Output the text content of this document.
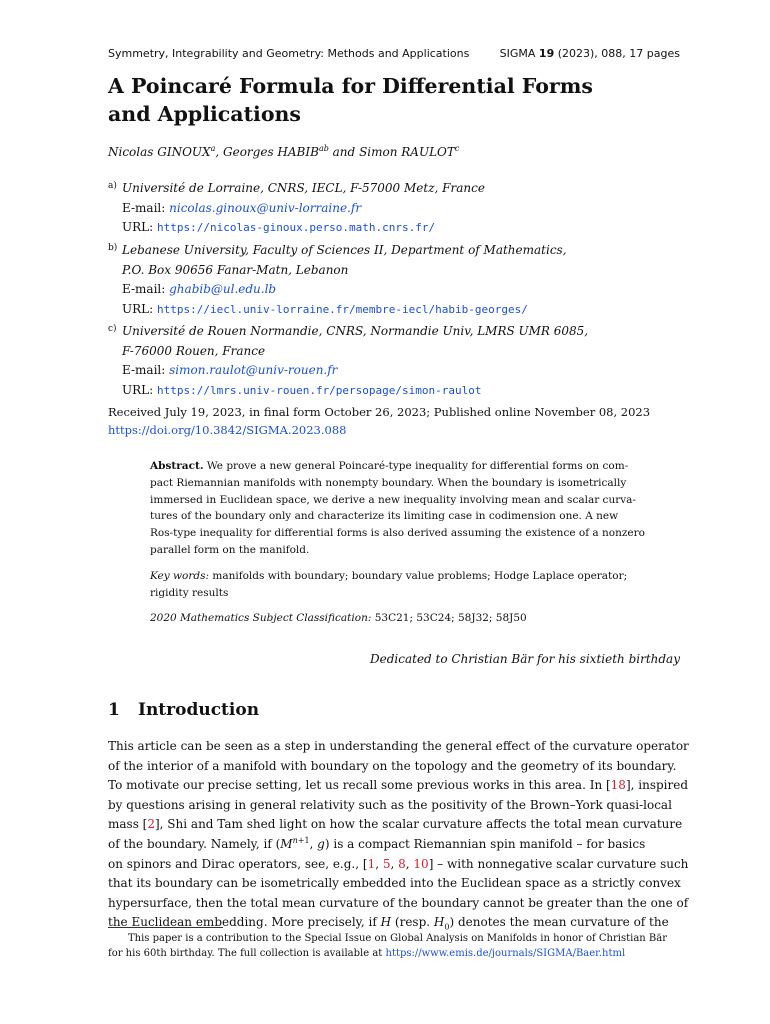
Symmetry, Integrability and Geometry: Methods and Applications	SIGMA 19 (2023), 088, 17 pages
A Poincaré Formula for Differential Forms
and Applications
Nicolas GINOUX$^a$, Georges $HABIB^{ab}$ and Simon RAULOT$^c$
a) Université de Lorraine, CNRS, IECL, F-57000 Metz, France
E-mail: nicolas.ginoux@univ-lorraine.fr
URL: https://nicolas-ginoux.perso.math.cnrs.fr/
b) Lebanese University, Faculty of Sciences II, Department of Mathematics,
P.O. Box 90656 Fanar-Matn, Lebanon
E-mail: ghabib@ul.edu.lb
URL: https://iecl.univ-lorraine.fr/membre-iecl/habib-georges/
c) Université de Rouen Normandie, CNRS, Normandie Univ, LMRS UMR 6085,
F-76000 Rouen, France
E-mail: simon.raulot@univ-rouen.fr
URL: https://lmrs.univ-rouen.fr/persopage/simon-raulot
Received July 19, 2023, in final form October 26, 2023; Published online November 08, 2023
https://doi.org/10.3842/SIGMA.2023.088

Abstract. We prove a new general Poincaré-type inequality for differential forms on com-
pact Riemannian manifolds with nonempty boundary. When the boundary is isometrically
immersed in Euclidean space, we derive a new inequality involving mean and scalar curva-
tures of the boundary only and characterize its limiting case in codimension one. A new
Ros-type inequality for differential forms is also derived assuming the existence of a nonzero
parallel form on the manifold.

Key words: manifolds with boundary; boundary value problems; Hodge Laplace operator;
rigidity results

2020 Mathematics Subject Classification: 53C21; 53C24; 58J32; 58J50

Dedicated to Christian Bär for his sixtieth birthday
1 Introduction
This article can be seen as a step in understanding the general effect of the curvature operator
of the interior of a manifold with boundary on the topology and the geometry of its boundary.
To motivate our precise setting, let us recall some previous works in this area. In [18], inspired
by questions arising in general relativity such as the positivity of the Brown–York quasi-local
mass [2], Shi and Tam shed light on how the scalar curvature affects the total mean curvature
of the boundary. Namely, if ($M^{n+1}$, g) is a compact Riemannian spin manifold – for basics
on spinors and Dirac operators, see, e.g., [1, 5, 8, 10] – with nonnegative scalar curvature such
that its boundary can be isometrically embedded into the Euclidean space as a strictly convex
hypersurface, then the total mean curvature of the boundary cannot be greater than the one of
the Euclidean embedding. More precisely, if H (resp. $H_0$) denotes the mean curvature of the
This paper is a contribution to the Special Issue on Global Analysis on Manifolds in honor of Christian Bär
for his 60th birthday. The full collection is available at https://www.emis.de/journals/SIGMA/Baer.html
